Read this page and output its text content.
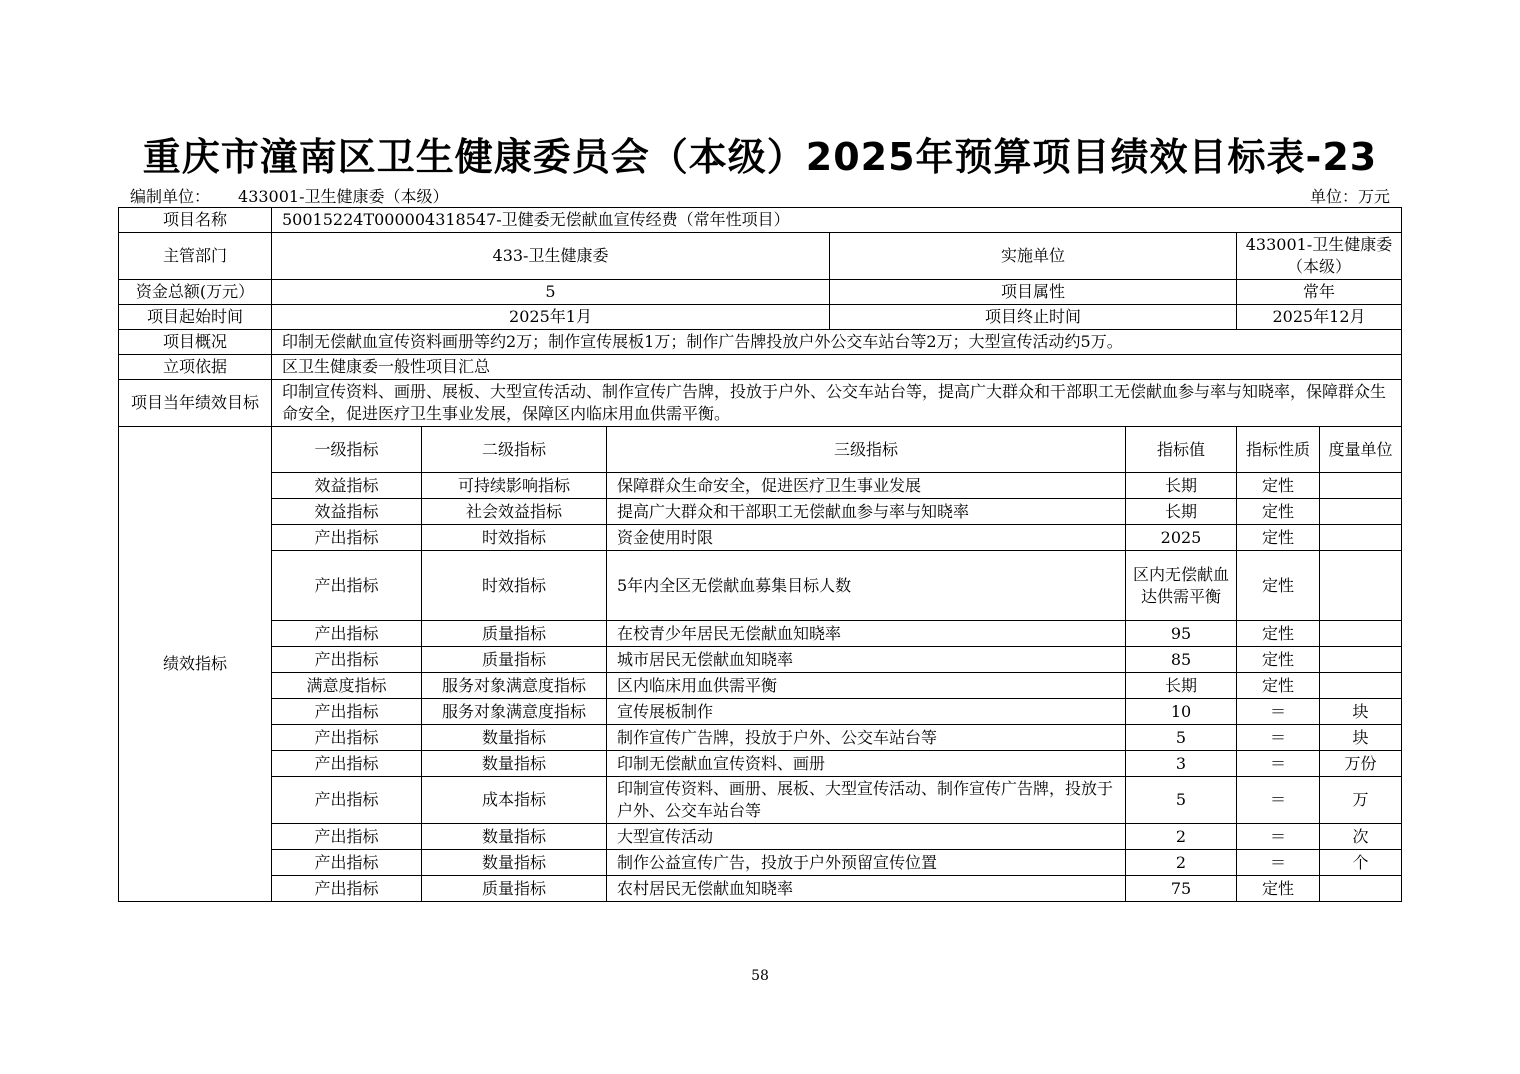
重庆市潼南区卫生健康委员会（本级）2025年预算项目绩效目标表-23
编制单位： 433001-卫生健康委（本级）	单位：万元
项目名称	50015224T000004318547-卫健委无偿献血宣传经费（常年性项目）						
主管部门	433-卫生健康委			实施单位		433001-卫生健康委（本级）	
资金总额(万元）	5			项目属性		常年	
项目起始时间	2025年1月			项目终止时间		2025年12月	
项目概况	印制无偿献血宣传资料画册等约2万；制作宣传展板1万；制作广告牌投放户外公交车站台等2万；大型宣传活动约5万。						
立项依据	区卫生健康委一般性项目汇总						
项目当年绩效目标	印制宣传资料、画册、展板、大型宣传活动、制作宣传广告牌，投放于户外、公交车站台等，提高广大群众和干部职工无偿献血参与率与知晓率，保障群众生命安全，促进医疗卫生事业发展，保障区内临床用血供需平衡。						
绩效指标	一级指标	二级指标	三级指标		指标值	指标性质	度量单位
	效益指标	可持续影响指标	保障群众生命安全，促进医疗卫生事业发展		长期	定性	
	效益指标	社会效益指标	提高广大群众和干部职工无偿献血参与率与知晓率		长期	定性	
	产出指标	时效指标	资金使用时限		2025	定性	
	产出指标	时效指标	5年内全区无偿献血募集目标人数		区内无偿献血达供需平衡	定性	
	产出指标	质量指标	在校青少年居民无偿献血知晓率		95	定性	
	产出指标	质量指标	城市居民无偿献血知晓率		85	定性	
	满意度指标	服务对象满意度指标	区内临床用血供需平衡		长期	定性	
	产出指标	服务对象满意度指标	宣传展板制作		10	＝	块
	产出指标	数量指标	制作宣传广告牌，投放于户外、公交车站台等		5	＝	块
	产出指标	数量指标	印制无偿献血宣传资料、画册		3	＝	万份
	产出指标	成本指标	印制宣传资料、画册、展板、大型宣传活动、制作宣传广告牌，投放于户外、公交车站台等		5	＝	万
	产出指标	数量指标	大型宣传活动		2	＝	次
	产出指标	数量指标	制作公益宣传广告，投放于户外预留宣传位置		2	＝	个
	产出指标	质量指标	农村居民无偿献血知晓率		75	定性	
58
